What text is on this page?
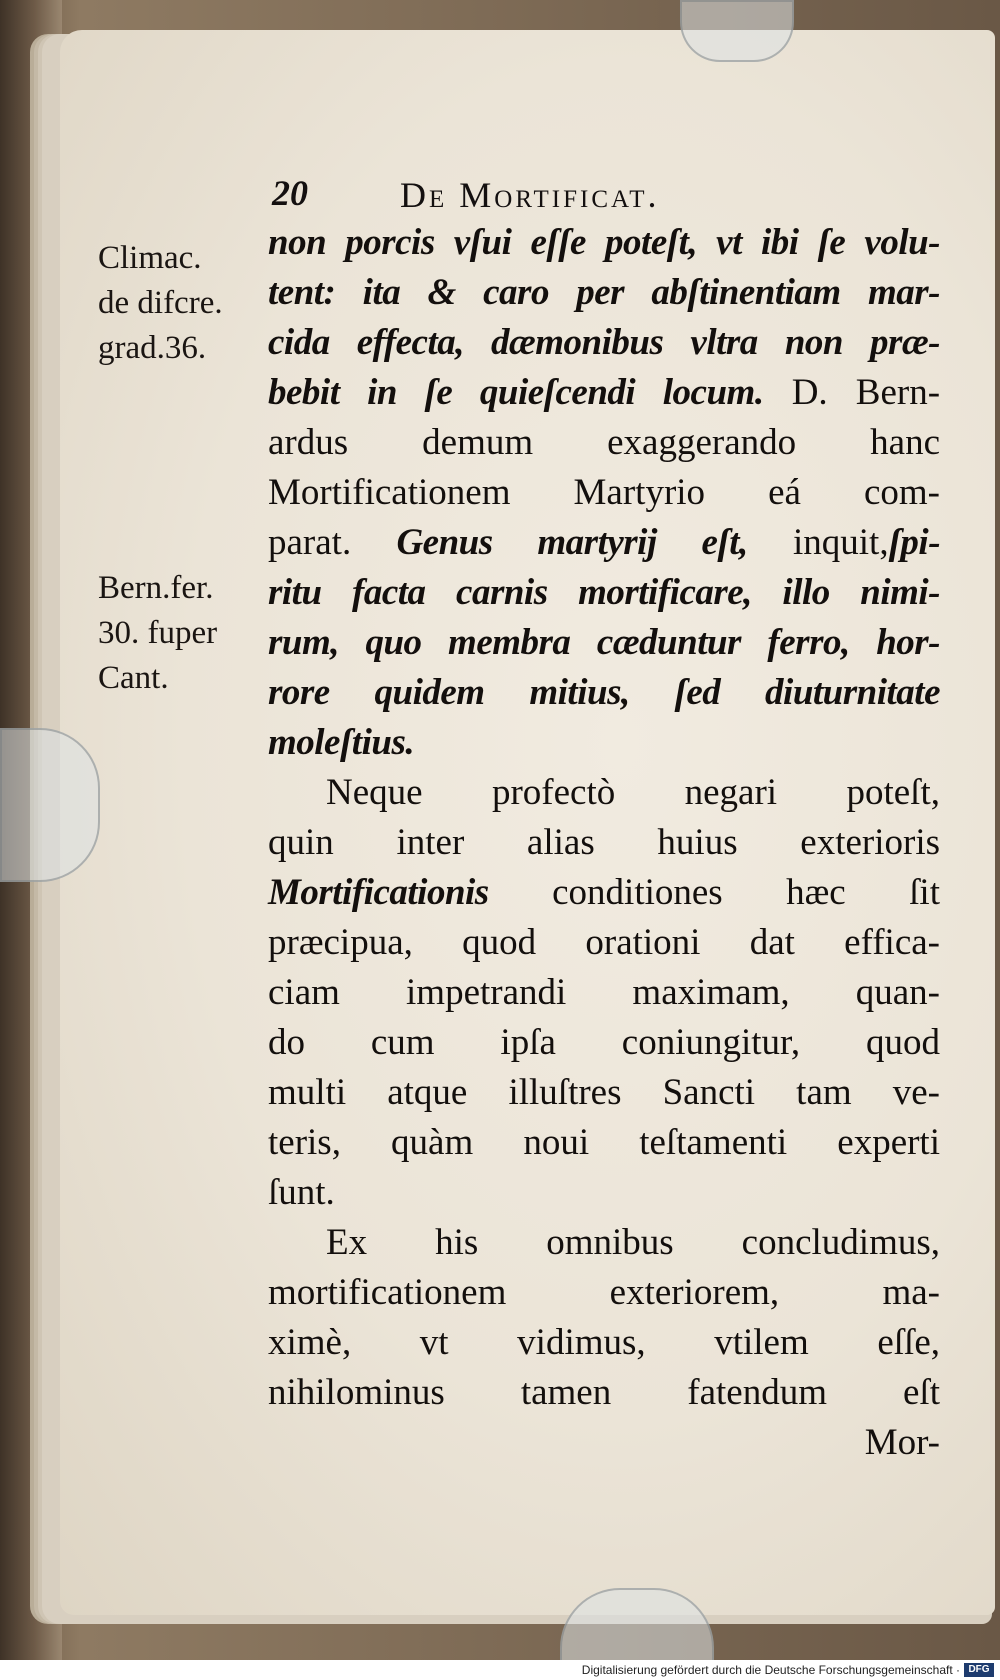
20	De Mortificat.
Climac.
de difcre.
grad.36.
Bern.fer.
30. fuper
Cant.
non porcis vſui eſſe poteſt, vt ibi ſe volu-
tent: ita & caro per abſtinentiam mar-
cida effecta, dæmonibus vltra non præ-
bebit in ſe quieſcendi locum. D. Bern-
ardus demum exaggerando hanc
Mortificationem Martyrio eá com-
parat. Genus martyrij eſt, inquit,ſpi-
ritu facta carnis mortificare, illo nimi-
rum, quo membra cæduntur ferro, hor-
rore quidem mitius, ſed diuturnitate
moleſtius.
Neque profectò negari poteſt,
quin inter alias huius exterioris
Mortificationis conditiones hæc ſit
præcipua, quod orationi dat effica-
ciam impetrandi maximam, quan-
do cum ipſa coniungitur, quod
multi atque illuſtres Sancti tam ve-
teris, quàm noui teſtamenti experti
ſunt.
Ex his omnibus concludimus,
mortificationem exteriorem, ma-
ximè, vt vidimus, vtilem eſſe,
nihilominus tamen fatendum eſt
Mor-
Digitalisierung gefördert durch die Deutsche Forschungsgemeinschaft · DFG
